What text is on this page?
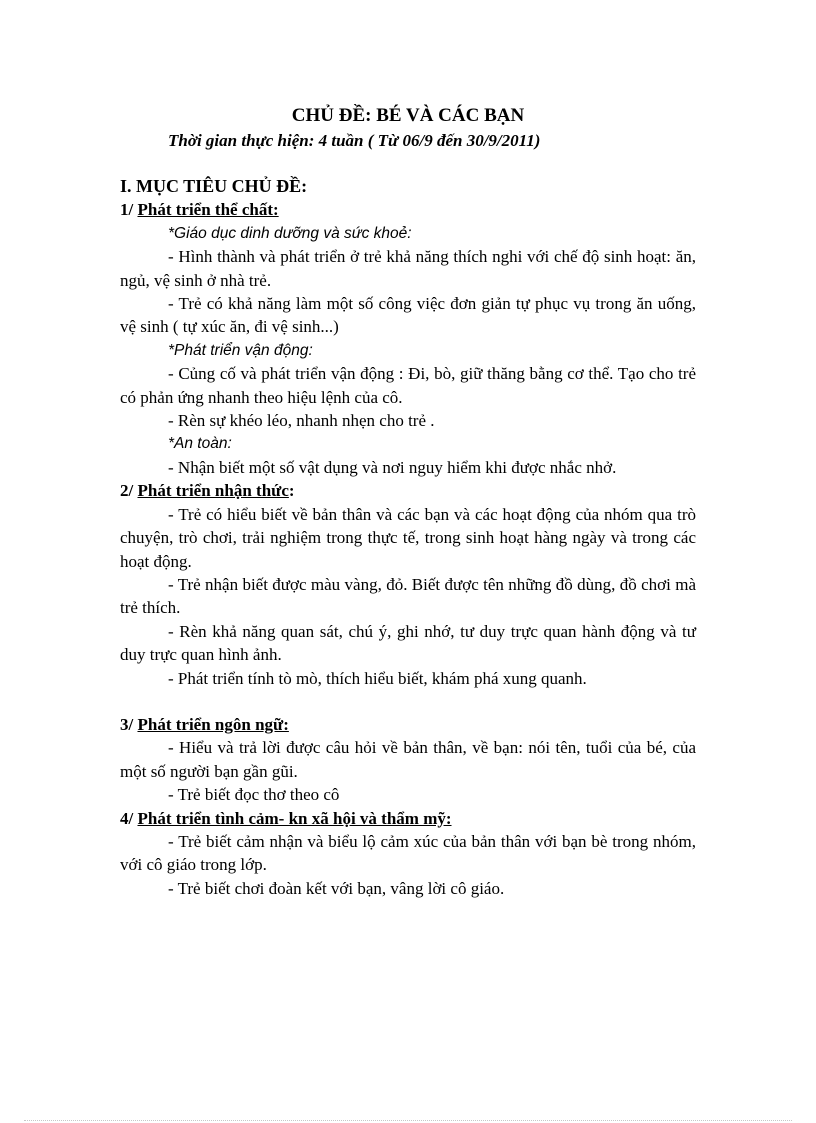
CHỦ ĐỀ: BÉ VÀ CÁC BẠN
Thời gian thực hiện: 4 tuần ( Từ 06/9 đến 30/9/2011)

I. MỤC TIÊU CHỦ ĐỀ:

1/ Phát triển thể chất:

*Giáo dục dinh dưỡng và sức khoẻ:

- Hình thành và phát triển ở trẻ khả năng thích nghi với chế độ sinh hoạt: ăn, ngủ, vệ sinh ở nhà trẻ.

- Trẻ có khả năng làm một số công việc đơn giản tự phục vụ trong ăn uống, vệ sinh ( tự xúc ăn, đi vệ sinh...)

*Phát triển vận động:

- Củng cố và phát triển vận động : Đi, bò, giữ thăng bằng cơ thể. Tạo cho trẻ có phản ứng nhanh theo hiệu lệnh của cô.

- Rèn sự khéo léo, nhanh nhẹn cho trẻ .

*An toàn:

- Nhận biết một số vật dụng và nơi nguy hiểm khi được nhắc nhở.

2/ Phát triển nhận thức:

- Trẻ có hiểu biết về bản thân và các bạn và các hoạt động của nhóm qua trò chuyện, trò chơi, trải nghiệm trong thực tế, trong sinh hoạt hàng ngày và trong các hoạt động.

- Trẻ nhận biết được màu vàng, đỏ. Biết được tên những đồ dùng, đồ chơi mà trẻ thích.

- Rèn khả năng quan sát, chú ý, ghi nhớ, tư duy trực quan hành động và tư duy trực quan hình ảnh.

- Phát triển tính tò mò, thích hiểu biết, khám phá xung quanh.

3/ Phát triển ngôn ngữ:

- Hiểu và trả lời được câu hỏi về bản thân, về bạn: nói tên, tuổi của bé, của một số người bạn gần gũi.

- Trẻ biết đọc thơ theo cô

4/ Phát triển tình cảm- kn xã hội và thẩm mỹ:

- Trẻ biết cảm nhận và biểu lộ cảm xúc của bản thân với bạn bè trong nhóm, với cô giáo trong lớp.

- Trẻ biết chơi đoàn kết với bạn, vâng lời cô giáo.
